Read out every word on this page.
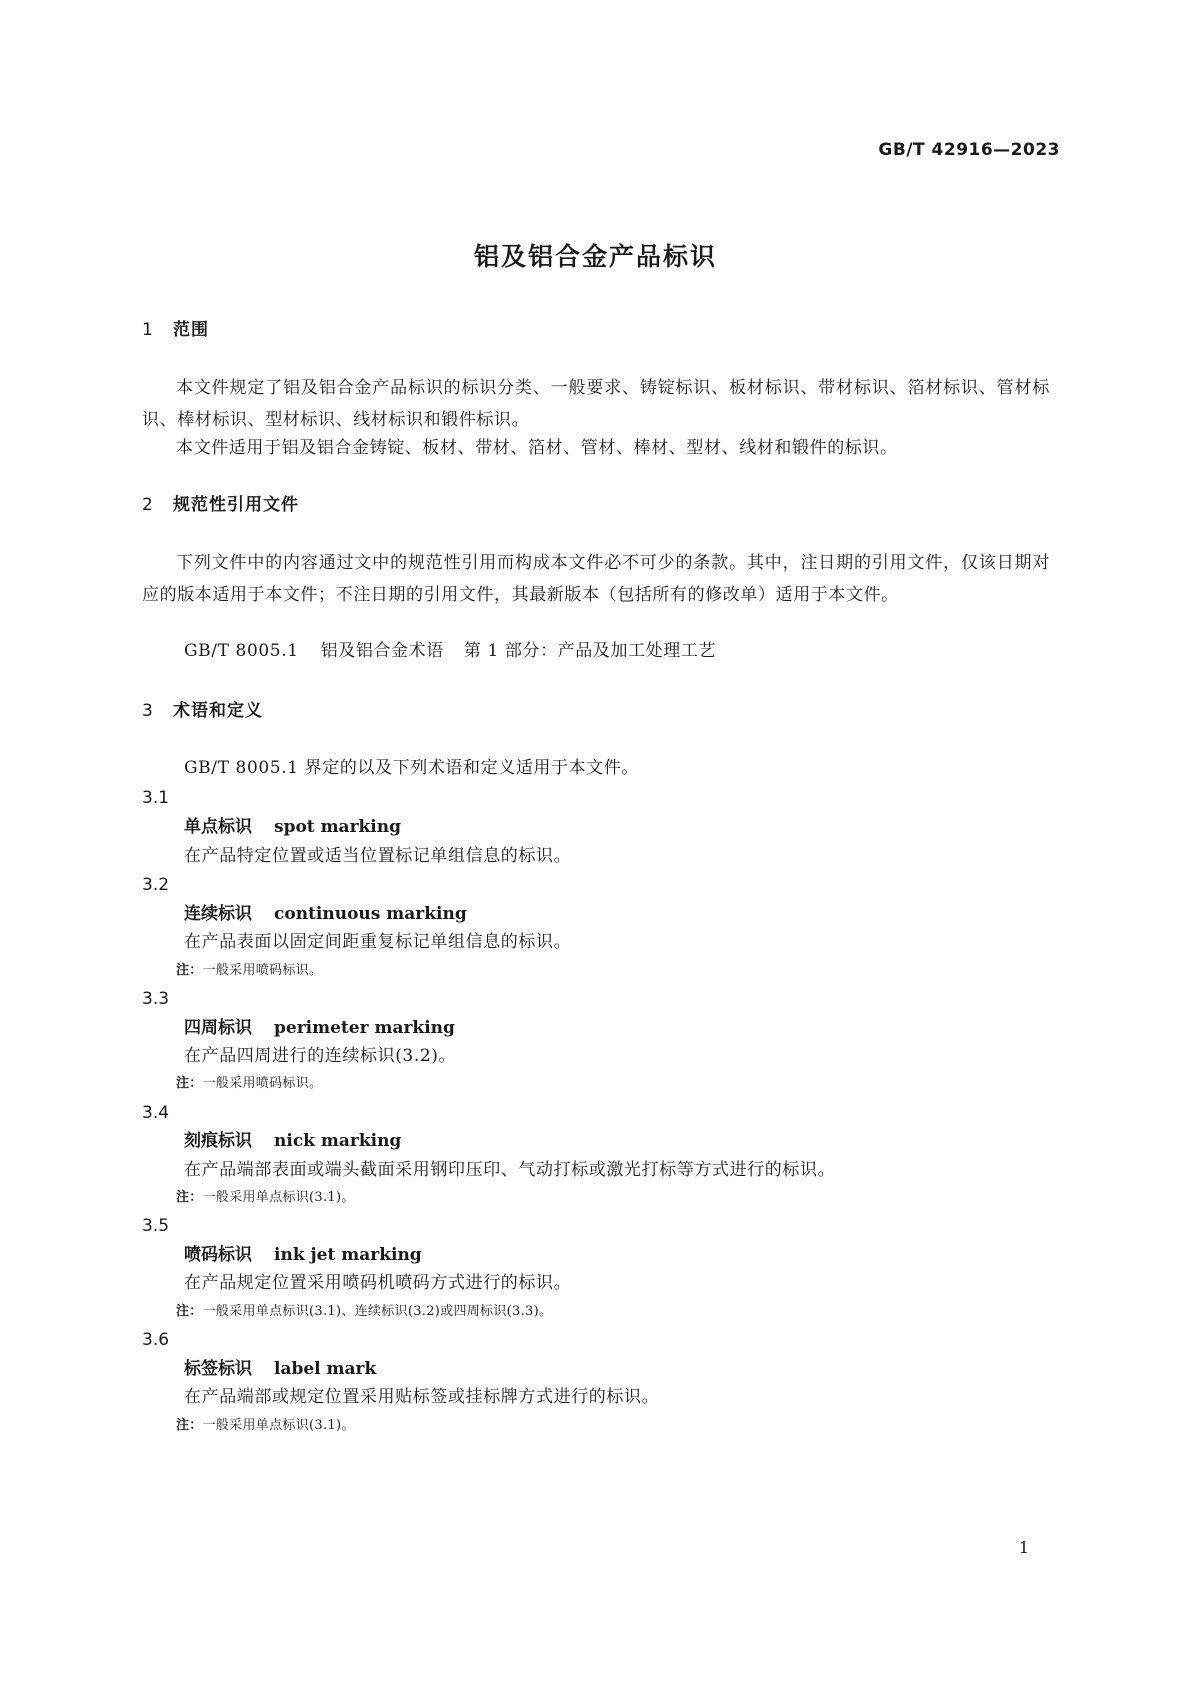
GB/T 42916—2023
铝及铝合金产品标识
1 范围
本文件规定了铝及铝合金产品标识的标识分类、一般要求、铸锭标识、板材标识、带材标识、箔材标识、管材标识、棒材标识、型材标识、线材标识和锻件标识。
本文件适用于铝及铝合金铸锭、板材、带材、箔材、管材、棒材、型材、线材和锻件的标识。
2 规范性引用文件
下列文件中的内容通过文中的规范性引用而构成本文件必不可少的条款。其中，注日期的引用文件，仅该日期对应的版本适用于本文件；不注日期的引用文件，其最新版本（包括所有的修改单）适用于本文件。
GB/T 8005.1 铝及铝合金术语 第 1 部分：产品及加工处理工艺
3 术语和定义
GB/T 8005.1 界定的以及下列术语和定义适用于本文件。
3.1
单点标识 spot marking
在产品特定位置或适当位置标记单组信息的标识。
3.2
连续标识 continuous marking
在产品表面以固定间距重复标记单组信息的标识。
注：一般采用喷码标识。
3.3
四周标识 perimeter marking
在产品四周进行的连续标识(3.2)。
注：一般采用喷码标识。
3.4
刻痕标识 nick marking
在产品端部表面或端头截面采用钢印压印、气动打标或激光打标等方式进行的标识。
注：一般采用单点标识(3.1)。
3.5
喷码标识 ink jet marking
在产品规定位置采用喷码机喷码方式进行的标识。
注：一般采用单点标识(3.1)、连续标识(3.2)或四周标识(3.3)。
3.6
标签标识 label mark
在产品端部或规定位置采用贴标签或挂标牌方式进行的标识。
注：一般采用单点标识(3.1)。
1
